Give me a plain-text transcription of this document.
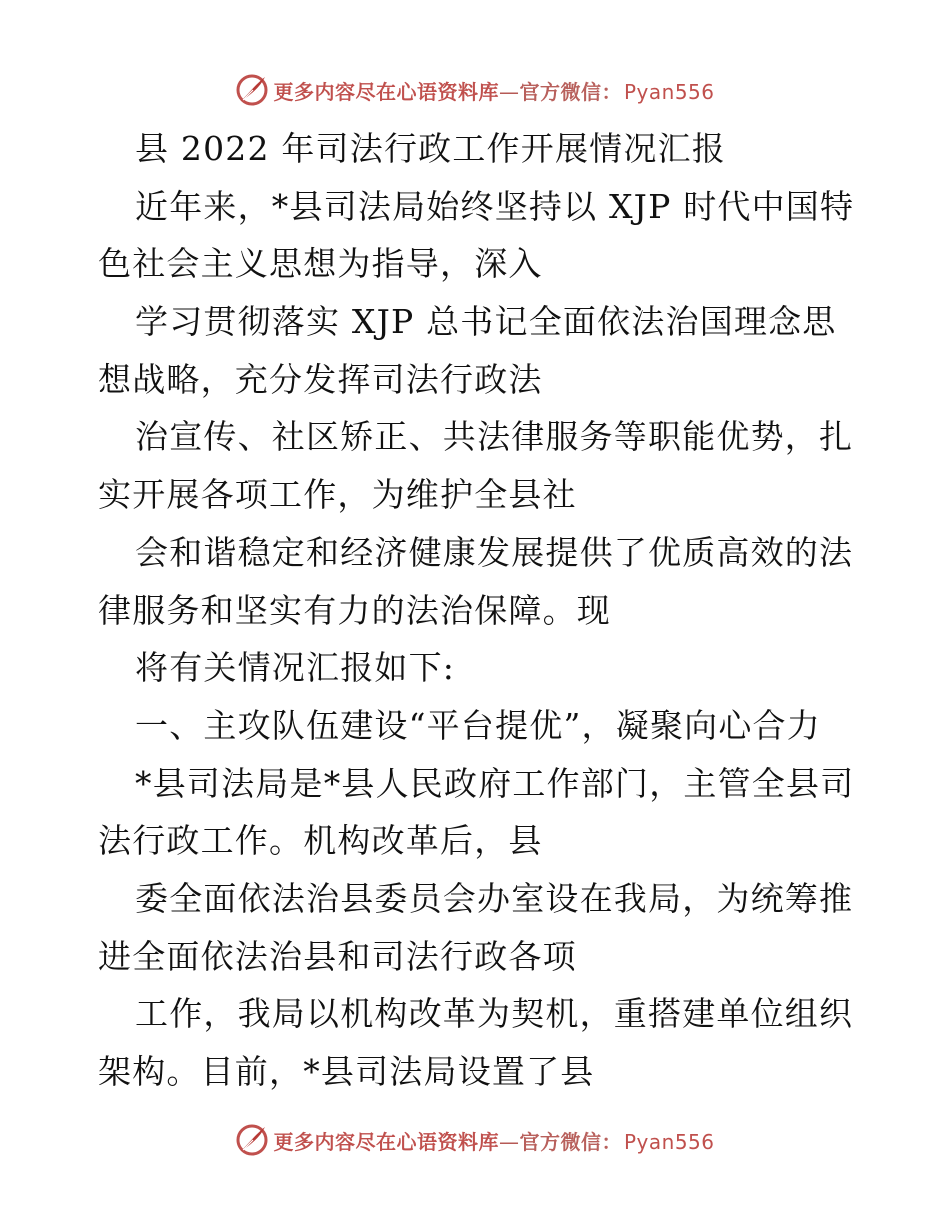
更多内容尽在心语资料库 — 官方微信： Pyan556
县 2022 年司法行政工作开展情况汇报
近年来，*县司法局始终坚持以 XJP 时代中国特
色社会主义思想为指导，深入
学习贯彻落实 XJP 总书记全面依法治国理念思
想战略，充分发挥司法行政法
治宣传、社区矫正、共法律服务等职能优势，扎
实开展各项工作，为维护全县社
会和谐稳定和经济健康发展提供了优质高效的法
律服务和坚实有力的法治保障。现
将有关情况汇报如下:
一、主攻队伍建设“平台提优”，凝聚向心合力
*县司法局是*县人民政府工作部门，主管全县司
法行政工作。机构改革后，县
委全面依法治县委员会办室设在我局，为统筹推
进全面依法治县和司法行政各项
工作，我局以机构改革为契机，重搭建单位组织
架构。目前，*县司法局设置了县
更多内容尽在心语资料库 — 官方微信： Pyan556
